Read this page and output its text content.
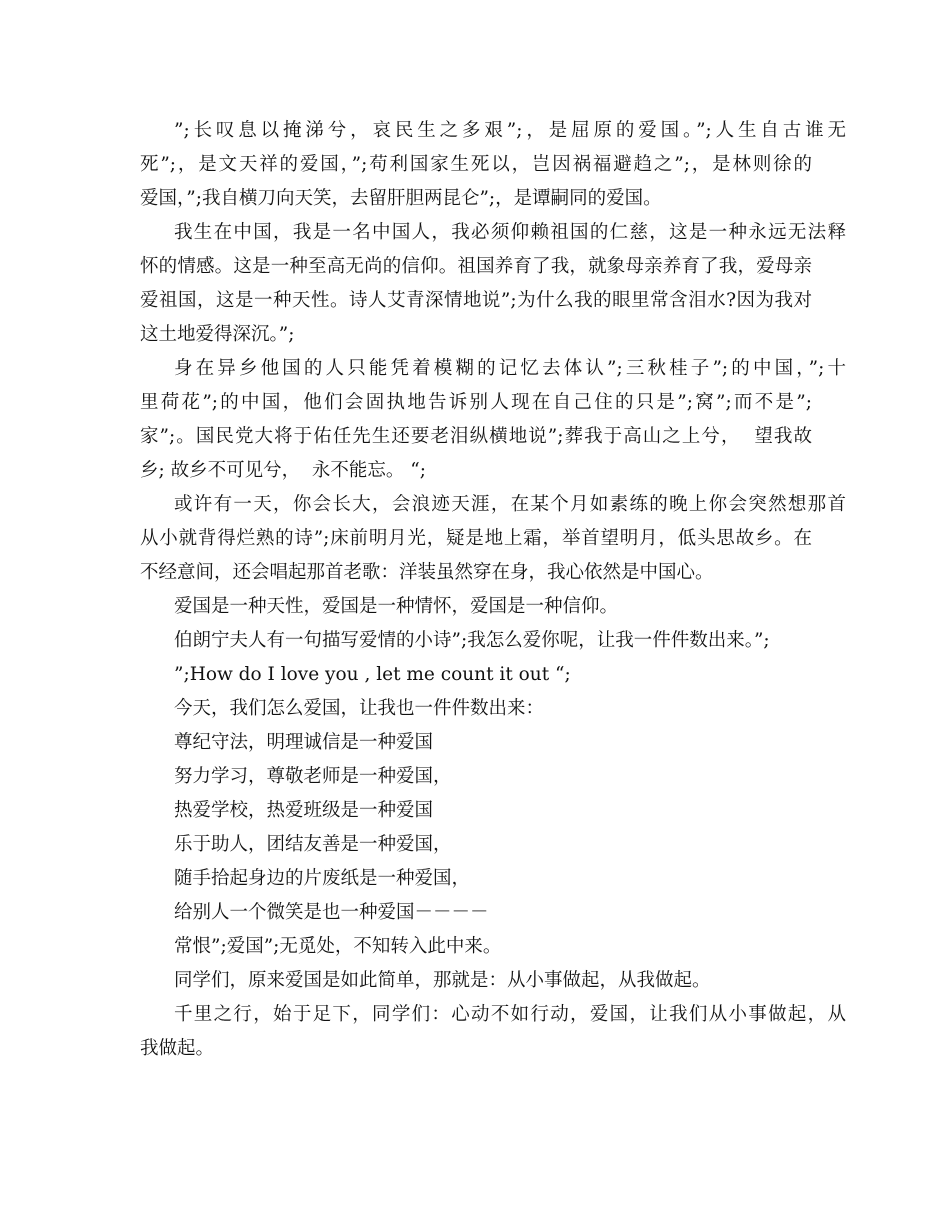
”;长叹息以掩涕兮，哀民生之多艰”;，是屈原的爱国。”;人生自古谁无
死”;，是文天祥的爱国，”;苟利国家生死以，岂因祸福避趋之”;，是林则徐的
爱国，”;我自横刀向天笑，去留肝胆两昆仑”;，是谭嗣同的爱国。
我生在中国，我是一名中国人，我必须仰赖祖国的仁慈，这是一种永远无法释
怀的情感。这是一种至高无尚的信仰。祖国养育了我，就象母亲养育了我，爱母亲
爱祖国，这是一种天性。诗人艾青深情地说”;为什么我的眼里常含泪水?因为我对
这土地爱得深沉。”;
身在异乡他国的人只能凭着模糊的记忆去体认”;三秋桂子”;的中国，”;十
里荷花”;的中国，他们会固执地告诉别人现在自己住的只是”;窝”;而不是”;
家”;。国民党大将于佑任先生还要老泪纵横地说”;葬我于高山之上兮，  望我故
乡; 故乡不可见兮，  永不能忘。 “;
或许有一天，你会长大，会浪迹天涯，在某个月如素练的晚上你会突然想那首
从小就背得烂熟的诗”;床前明月光，疑是地上霜，举首望明月，低头思故乡。在
不经意间，还会唱起那首老歌：洋装虽然穿在身，我心依然是中国心。
爱国是一种天性，爱国是一种情怀，爱国是一种信仰。
伯朗宁夫人有一句描写爱情的小诗”;我怎么爱你呢，让我一件件数出来。”;
”;How do I love you , let me count it out “;
今天，我们怎么爱国，让我也一件件数出来：
尊纪守法，明理诚信是一种爱国
努力学习，尊敬老师是一种爱国，
热爱学校，热爱班级是一种爱国
乐于助人，团结友善是一种爱国，
随手拾起身边的片废纸是一种爱国，
给别人一个微笑是也一种爱国－－－－
常恨”;爱国”;无觅处，不知转入此中来。
同学们，原来爱国是如此简单，那就是：从小事做起，从我做起。
千里之行，始于足下，同学们：心动不如行动，爱国，让我们从小事做起，从
我做起。
